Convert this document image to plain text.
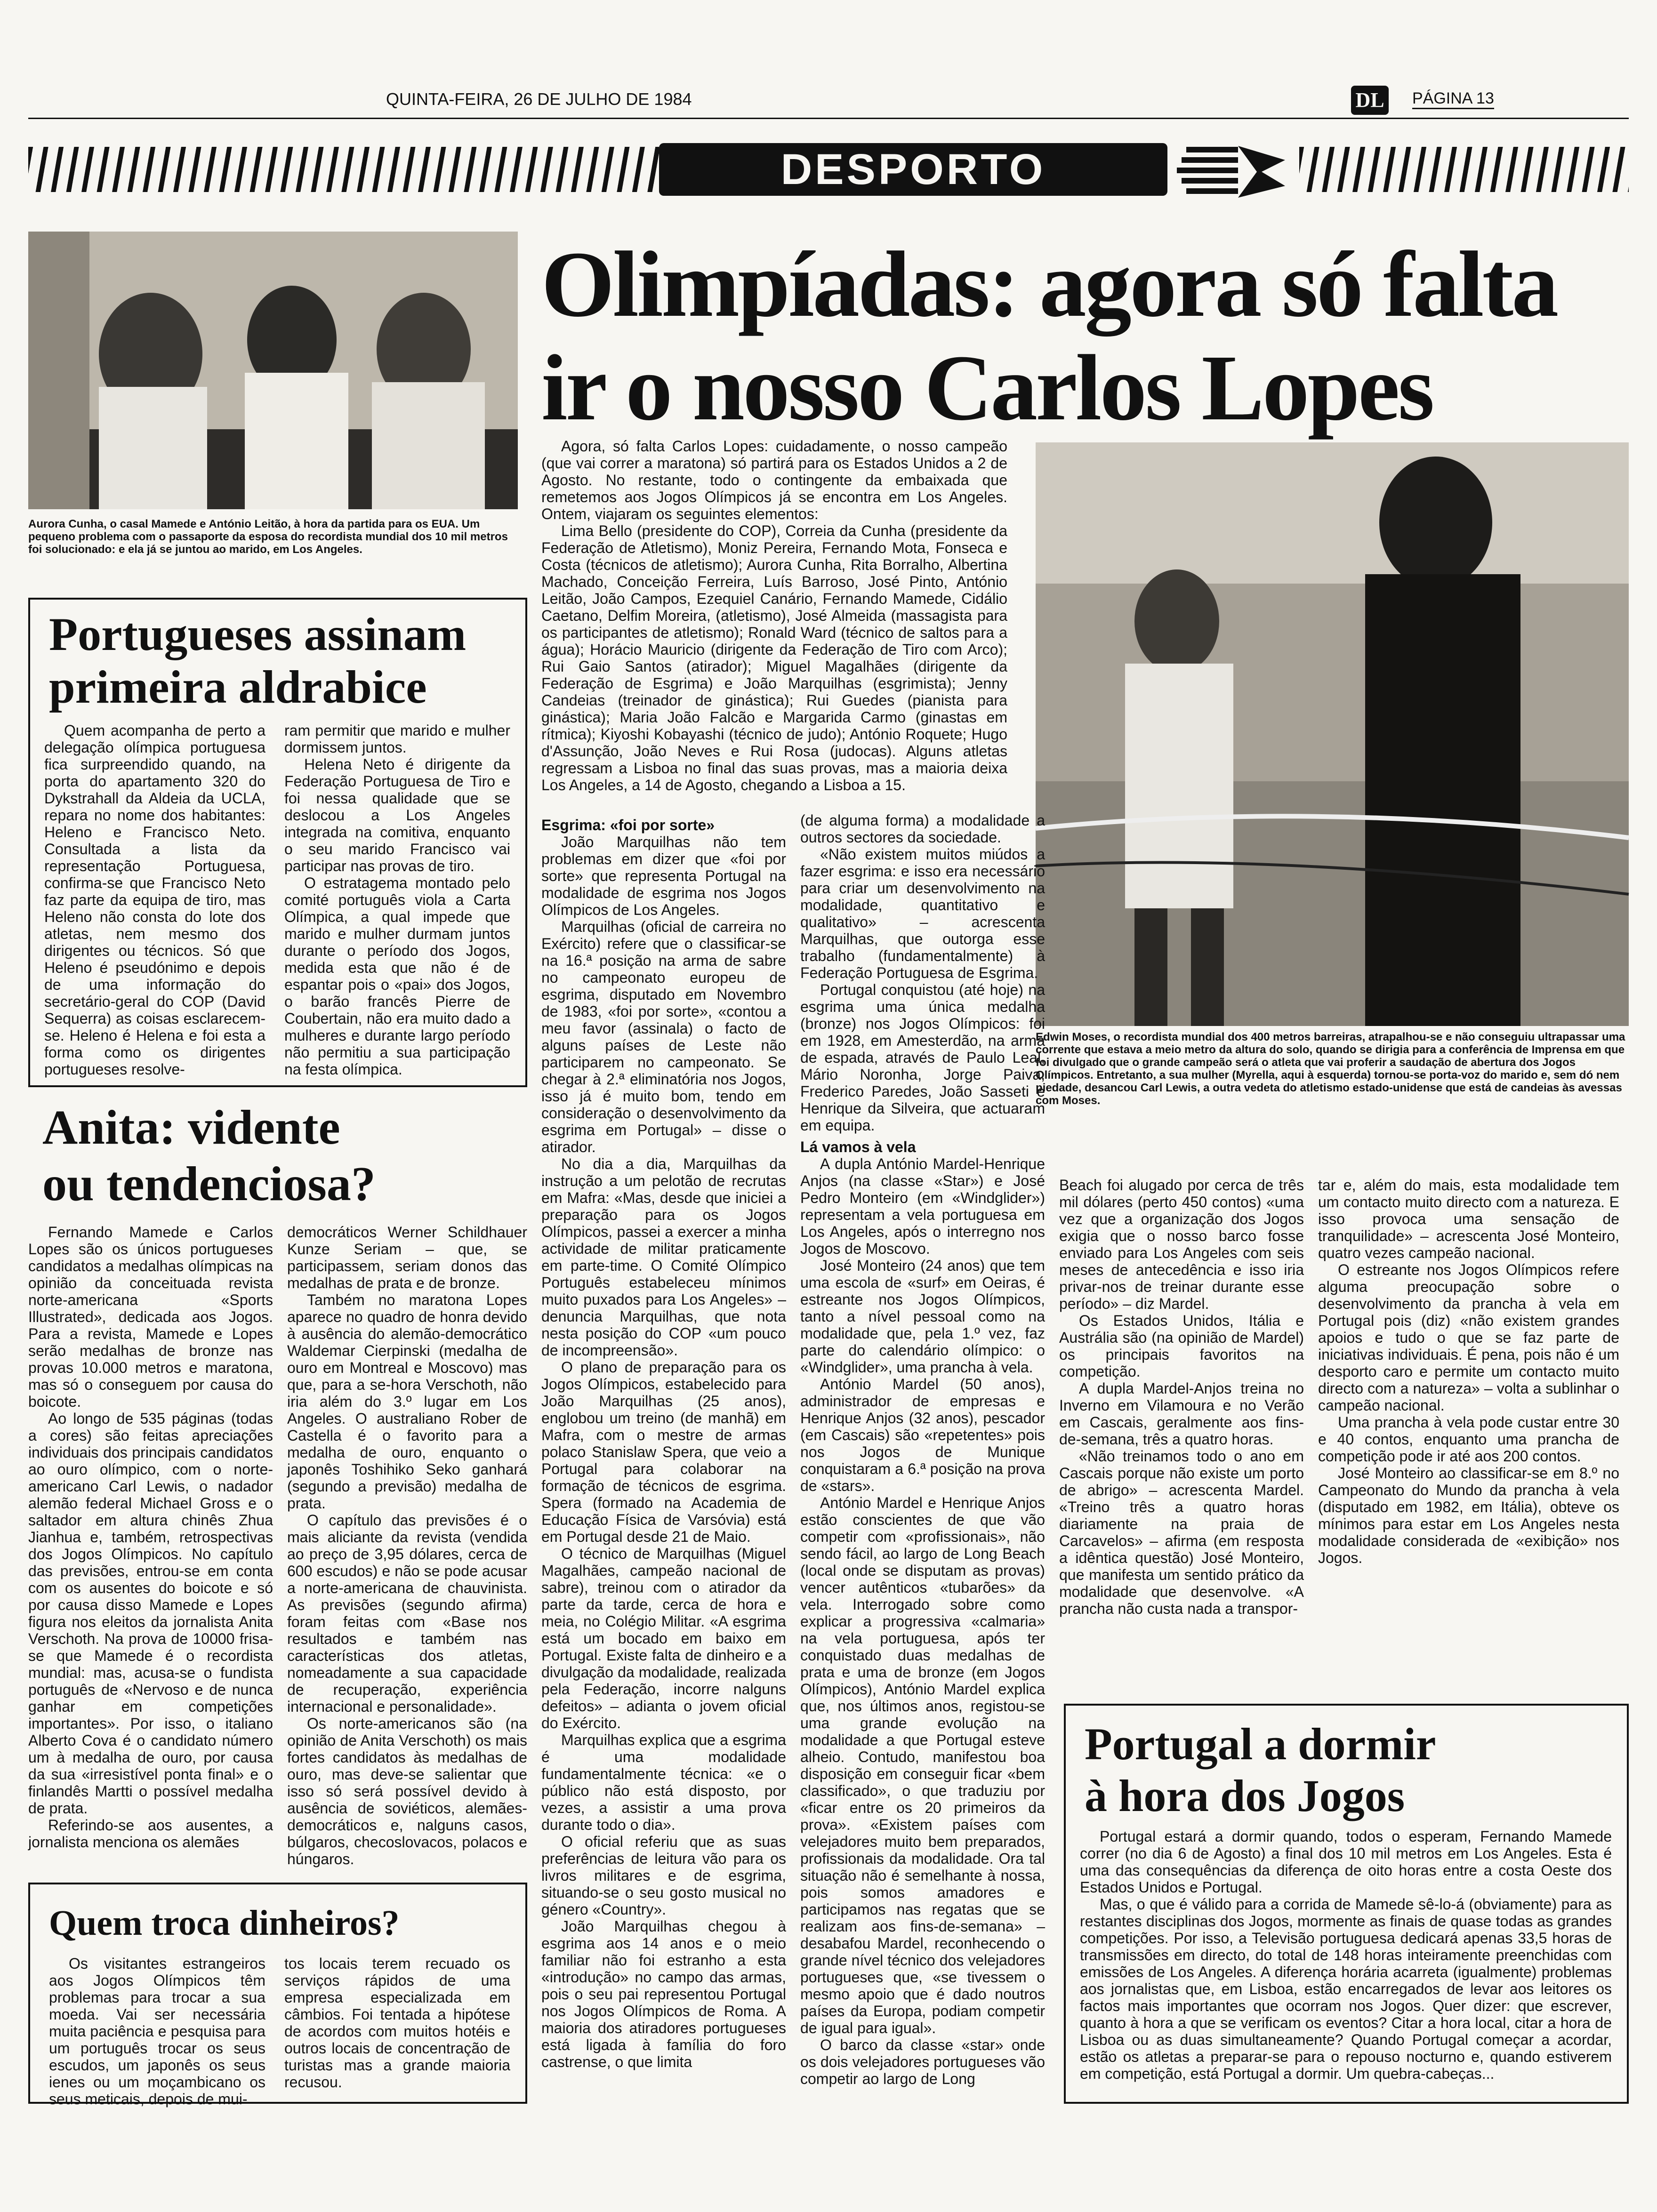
QUINTA-FEIRA, 26 DE JULHO DE 1984	DL PÁGINA 13
DESPORTO
Aurora Cunha, o casal Mamede e António Leitão, à hora da partida para os EUA. Um pequeno problema com o passaporte da esposa do recordista mundial dos 10 mil metros foi solucionado: e ela já se juntou ao marido, em Los Angeles.
Olimpíadas: agora só falta
ir o nosso Carlos Lopes

Agora, só falta Carlos Lopes: cuidadamente, o nosso campeão (que vai correr a maratona) só partirá para os Estados Unidos a 2 de Agosto. No restante, todo o contingente da embaixada que remetemos aos Jogos Olímpicos já se encontra em Los Angeles. Ontem, viajaram os seguintes elementos:

Lima Bello (presidente do COP), Correia da Cunha (presidente da Federação de Atletismo), Moniz Pereira, Fernando Mota, Fonseca e Costa (técnicos de atletismo); Aurora Cunha, Rita Borralho, Albertina Machado, Conceição Ferreira, Luís Barroso, José Pinto, António Leitão, João Campos, Ezequiel Canário, Fernando Mamede, Cidálio Caetano, Delfim Moreira, (atletismo), José Almeida (massagista para os participantes de atletismo); Ronald Ward (técnico de saltos para a água); Horácio Mauricio (dirigente da Federação de Tiro com Arco); Rui Gaio Santos (atirador); Miguel Magalhães (dirigente da Federação de Esgrima) e João Marquilhas (esgrimista); Jenny Candeias (treinador de ginástica); Rui Guedes (pianista para ginástica); Maria João Falcão e Margarida Carmo (ginastas em rítmica); Kiyoshi Kobayashi (técnico de judo); António Roquete; Hugo d'Assunção, João Neves e Rui Rosa (judocas). Alguns atletas regressam a Lisboa no final das suas provas, mas a maioria deixa Los Angeles, a 14 de Agosto, chegando a Lisboa a 15.

Edwin Moses, o recordista mundial dos 400 metros barreiras, atrapalhou-se e não conseguiu ultrapassar uma corrente que estava a meio metro da altura do solo, quando se dirigia para a conferência de Imprensa em que foi divulgado que o grande campeão será o atleta que vai proferir a saudação de abertura dos Jogos Olímpicos. Entretanto, a sua mulher (Myrella, aqui à esquerda) tornou-se porta-voz do marido e, sem dó nem piedade, desancou Carl Lewis, a outra vedeta do atletismo estado-unidense que está de candeias às avessas com Moses.
Portugueses assinam
primeira aldrabice

Quem acompanha de perto a delegação olímpica portuguesa fica surpreendido quando, na porta do apartamento 320 do Dykstrahall da Aldeia da UCLA, repara no nome dos habitantes: Heleno e Francisco Neto. Consultada a lista da representação Portuguesa, confirma-se que Francisco Neto faz parte da equipa de tiro, mas Heleno não consta do lote dos atletas, nem mesmo dos dirigentes ou técnicos. Só que Heleno é pseudónimo e depois de uma informação do secretário-geral do COP (David Sequerra) as coisas esclarecem-se. Heleno é Helena e foi esta a forma como os dirigentes portugueses resolve-

ram permitir que marido e mulher dormissem juntos.

Helena Neto é dirigente da Federação Portuguesa de Tiro e foi nessa qualidade que se deslocou a Los Angeles integrada na comitiva, enquanto o seu marido Francisco vai participar nas provas de tiro.

O estratagema montado pelo comité português viola a Carta Olímpica, a qual impede que marido e mulher durmam juntos durante o período dos Jogos, medida esta que não é de espantar pois o «pai» dos Jogos, o barão francês Pierre de Coubertain, não era muito dado a mulheres e durante largo período não permitiu a sua participação na festa olímpica.

Anita: vidente
ou tendenciosa?

Fernando Mamede e Carlos Lopes são os únicos portugueses candidatos a medalhas olímpicas na opinião da conceituada revista norte-americana «Sports Illustrated», dedicada aos Jogos. Para a revista, Mamede e Lopes serão medalhas de bronze nas provas 10.000 metros e maratona, mas só o conseguem por causa do boicote.

Ao longo de 535 páginas (todas a cores) são feitas apreciações individuais dos principais candidatos ao ouro olímpico, com o norte-americano Carl Lewis, o nadador alemão federal Michael Gross e o saltador em altura chinês Zhua Jianhua e, também, retrospectivas dos Jogos Olímpicos. No capítulo das previsões, entrou-se em conta com os ausentes do boicote e só por causa disso Mamede e Lopes figura nos eleitos da jornalista Anita Verschoth. Na prova de 10000 frisa-se que Mamede é o recordista mundial: mas, acusa-se o fundista português de «Nervoso e de nunca ganhar em competições importantes». Por isso, o italiano Alberto Cova é o candidato número um à medalha de ouro, por causa da sua «irresistível ponta final» e o finlandês Martti o possível medalha de prata.

Referindo-se aos ausentes, a jornalista menciona os alemães

democráticos Werner Schildhauer Kunze Seriam – que, se participassem, seriam donos das medalhas de prata e de bronze.

Também no maratona Lopes aparece no quadro de honra devido à ausência do alemão-democrático Waldemar Cierpinski (medalha de ouro em Montreal e Moscovo) mas que, para a se-hora Verschoth, não iria além do 3.º lugar em Los Angeles. O australiano Rober de Castella é o favorito para a medalha de ouro, enquanto o japonês Toshihiko Seko ganhará (segundo a previsão) medalha de prata.

O capítulo das previsões é o mais aliciante da revista (vendida ao preço de 3,95 dólares, cerca de 600 escudos) e não se pode acusar a norte-americana de chauvinista. As previsões (segundo afirma) foram feitas com «Base nos resultados e também nas características dos atletas, nomeadamente a sua capacidade de recuperação, experiência internacional e personalidade».

Os norte-americanos são (na opinião de Anita Verschoth) os mais fortes candidatos às medalhas de ouro, mas deve-se salientar que isso só será possível devido à ausência de soviéticos, alemães-democráticos e, nalguns casos, búlgaros, checoslovacos, polacos e húngaros.

Quem troca dinheiros?

Os visitantes estrangeiros aos Jogos Olímpicos têm problemas para trocar a sua moeda. Vai ser necessária muita paciência e pesquisa para um português trocar os seus escudos, um japonês os seus ienes ou um moçambicano os seus meticais, depois de mui-

tos locais terem recuado os serviços rápidos de uma empresa especializada em câmbios. Foi tentada a hipótese de acordos com muitos hotéis e outros locais de concentração de turistas mas a grande maioria recusou.

Esgrima: «foi por sorte»

João Marquilhas não tem problemas em dizer que «foi por sorte» que representa Portugal na modalidade de esgrima nos Jogos Olímpicos de Los Angeles.

Marquilhas (oficial de carreira no Exército) refere que o classificar-se na 16.ª posição na arma de sabre no campeonato europeu de esgrima, disputado em Novembro de 1983, «foi por sorte», «contou a meu favor (assinala) o facto de alguns países de Leste não participarem no campeonato. Se chegar à 2.ª eliminatória nos Jogos, isso já é muito bom, tendo em consideração o desenvolvimento da esgrima em Portugal» – disse o atirador.

No dia a dia, Marquilhas da instrução a um pelotão de recrutas em Mafra: «Mas, desde que iniciei a preparação para os Jogos Olímpicos, passei a exercer a minha actividade de militar praticamente em parte-time. O Comité Olímpico Português estabeleceu mínimos muito puxados para Los Angeles» – denuncia Marquilhas, que nota nesta posição do COP «um pouco de incompreensão».

O plano de preparação para os Jogos Olímpicos, estabelecido para João Marquilhas (25 anos), englobou um treino (de manhã) em Mafra, com o mestre de armas polaco Stanislaw Spera, que veio a Portugal para colaborar na formação de técnicos de esgrima. Spera (formado na Academia de Educação Física de Varsóvia) está em Portugal desde 21 de Maio.

O técnico de Marquilhas (Miguel Magalhães, campeão nacional de sabre), treinou com o atirador da parte da tarde, cerca de hora e meia, no Colégio Militar. «A esgrima está um bocado em baixo em Portugal. Existe falta de dinheiro e a divulgação da modalidade, realizada pela Federação, incorre nalguns defeitos» – adianta o jovem oficial do Exército.

Marquilhas explica que a esgrima é uma modalidade fundamentalmente técnica: «e o público não está disposto, por vezes, a assistir a uma prova durante todo o dia».

O oficial referiu que as suas preferências de leitura vão para os livros militares e de esgrima, situando-se o seu gosto musical no género «Country».

João Marquilhas chegou à esgrima aos 14 anos e o meio familiar não foi estranho a esta «introdução» no campo das armas, pois o seu pai representou Portugal nos Jogos Olímpicos de Roma. A maioria dos atiradores portugueses está ligada à família do foro castrense, o que limita

(de alguma forma) a modalidade a outros sectores da sociedade.

«Não existem muitos miúdos a fazer esgrima: e isso era necessário para criar um desenvolvimento na modalidade, quantitativo e qualitativo» – acrescenta Marquilhas, que outorga esse trabalho (fundamentalmente) à Federação Portuguesa de Esgrima.

Portugal conquistou (até hoje) na esgrima uma única medalha (bronze) nos Jogos Olímpicos: foi em 1928, em Amesterdão, na arma de espada, através de Paulo Leal, Mário Noronha, Jorge Paiva, Frederico Paredes, João Sasseti e Henrique da Silveira, que actuaram em equipa.

Lá vamos à vela

A dupla António Mardel-Henrique Anjos (na classe «Star») e José Pedro Monteiro (em «Windglider») representam a vela portuguesa em Los Angeles, após o interregno nos Jogos de Moscovo.

José Monteiro (24 anos) que tem uma escola de «surf» em Oeiras, é estreante nos Jogos Olímpicos, tanto a nível pessoal como na modalidade que, pela 1.º vez, faz parte do calendário olímpico: o «Windglider», uma prancha à vela.

António Mardel (50 anos), administrador de empresas e Henrique Anjos (32 anos), pescador (em Cascais) são «repetentes» pois nos Jogos de Munique conquistaram a 6.ª posição na prova de «stars».

António Mardel e Henrique Anjos estão conscientes de que vão competir com «profissionais», não sendo fácil, ao largo de Long Beach (local onde se disputam as provas) vencer autênticos «tubarões» da vela. Interrogado sobre como explicar a progressiva «calmaria» na vela portuguesa, após ter conquistado duas medalhas de prata e uma de bronze (em Jogos Olímpicos), António Mardel explica que, nos últimos anos, registou-se uma grande evolução na modalidade a que Portugal esteve alheio. Contudo, manifestou boa disposição em conseguir ficar «bem classificado», o que traduziu por «ficar entre os 20 primeiros da prova». «Existem países com velejadores muito bem preparados, profissionais da modalidade. Ora tal situação não é semelhante à nossa, pois somos amadores e participamos nas regatas que se realizam aos fins-de-semana» – desabafou Mardel, reconhecendo o grande nível técnico dos velejadores portugueses que, «se tivessem o mesmo apoio que é dado noutros países da Europa, podiam competir de igual para igual».

O barco da classe «star» onde os dois velejadores portugueses vão competir ao largo de Long

Beach foi alugado por cerca de três mil dólares (perto 450 contos) «uma vez que a organização dos Jogos exigia que o nosso barco fosse enviado para Los Angeles com seis meses de antecedência e isso iria privar-nos de treinar durante esse período» – diz Mardel.

Os Estados Unidos, Itália e Austrália são (na opinião de Mardel) os principais favoritos na competição.

A dupla Mardel-Anjos treina no Inverno em Vilamoura e no Verão em Cascais, geralmente aos fins-de-semana, três a quatro horas.

«Não treinamos todo o ano em Cascais porque não existe um porto de abrigo» – acrescenta Mardel. «Treino três a quatro horas diariamente na praia de Carcavelos» – afirma (em resposta a idêntica questão) José Monteiro, que manifesta um sentido prático da modalidade que desenvolve. «A prancha não custa nada a transpor-

tar e, além do mais, esta modalidade tem um contacto muito directo com a natureza. E isso provoca uma sensação de tranquilidade» – acrescenta José Monteiro, quatro vezes campeão nacional.

O estreante nos Jogos Olímpicos refere alguma preocupação sobre o desenvolvimento da prancha à vela em Portugal pois (diz) «não existem grandes apoios e tudo o que se faz parte de iniciativas individuais. É pena, pois não é um desporto caro e permite um contacto muito directo com a natureza» – volta a sublinhar o campeão nacional.

Uma prancha à vela pode custar entre 30 e 40 contos, enquanto uma prancha de competição pode ir até aos 200 contos.

José Monteiro ao classificar-se em 8.º no Campeonato do Mundo da prancha à vela (disputado em 1982, em Itália), obteve os mínimos para estar em Los Angeles nesta modalidade considerada de «exibição» nos Jogos.

Portugal a dormir
à hora dos Jogos

Portugal estará a dormir quando, todos o esperam, Fernando Mamede correr (no dia 6 de Agosto) a final dos 10 mil metros em Los Angeles. Esta é uma das consequências da diferença de oito horas entre a costa Oeste dos Estados Unidos e Portugal.

Mas, o que é válido para a corrida de Mamede sê-lo-á (obviamente) para as restantes disciplinas dos Jogos, mormente as finais de quase todas as grandes competições. Por isso, a Televisão portuguesa dedicará apenas 33,5 horas de transmissões em directo, do total de 148 horas inteiramente preenchidas com emissões de Los Angeles. A diferença horária acarreta (igualmente) problemas aos jornalistas que, em Lisboa, estão encarregados de levar aos leitores os factos mais importantes que ocorram nos Jogos. Quer dizer: que escrever, quanto à hora a que se verificam os eventos? Citar a hora local, citar a hora de Lisboa ou as duas simultaneamente? Quando Portugal começar a acordar, estão os atletas a preparar-se para o repouso nocturno e, quando estiverem em competição, está Portugal a dormir. Um quebra-cabeças...
